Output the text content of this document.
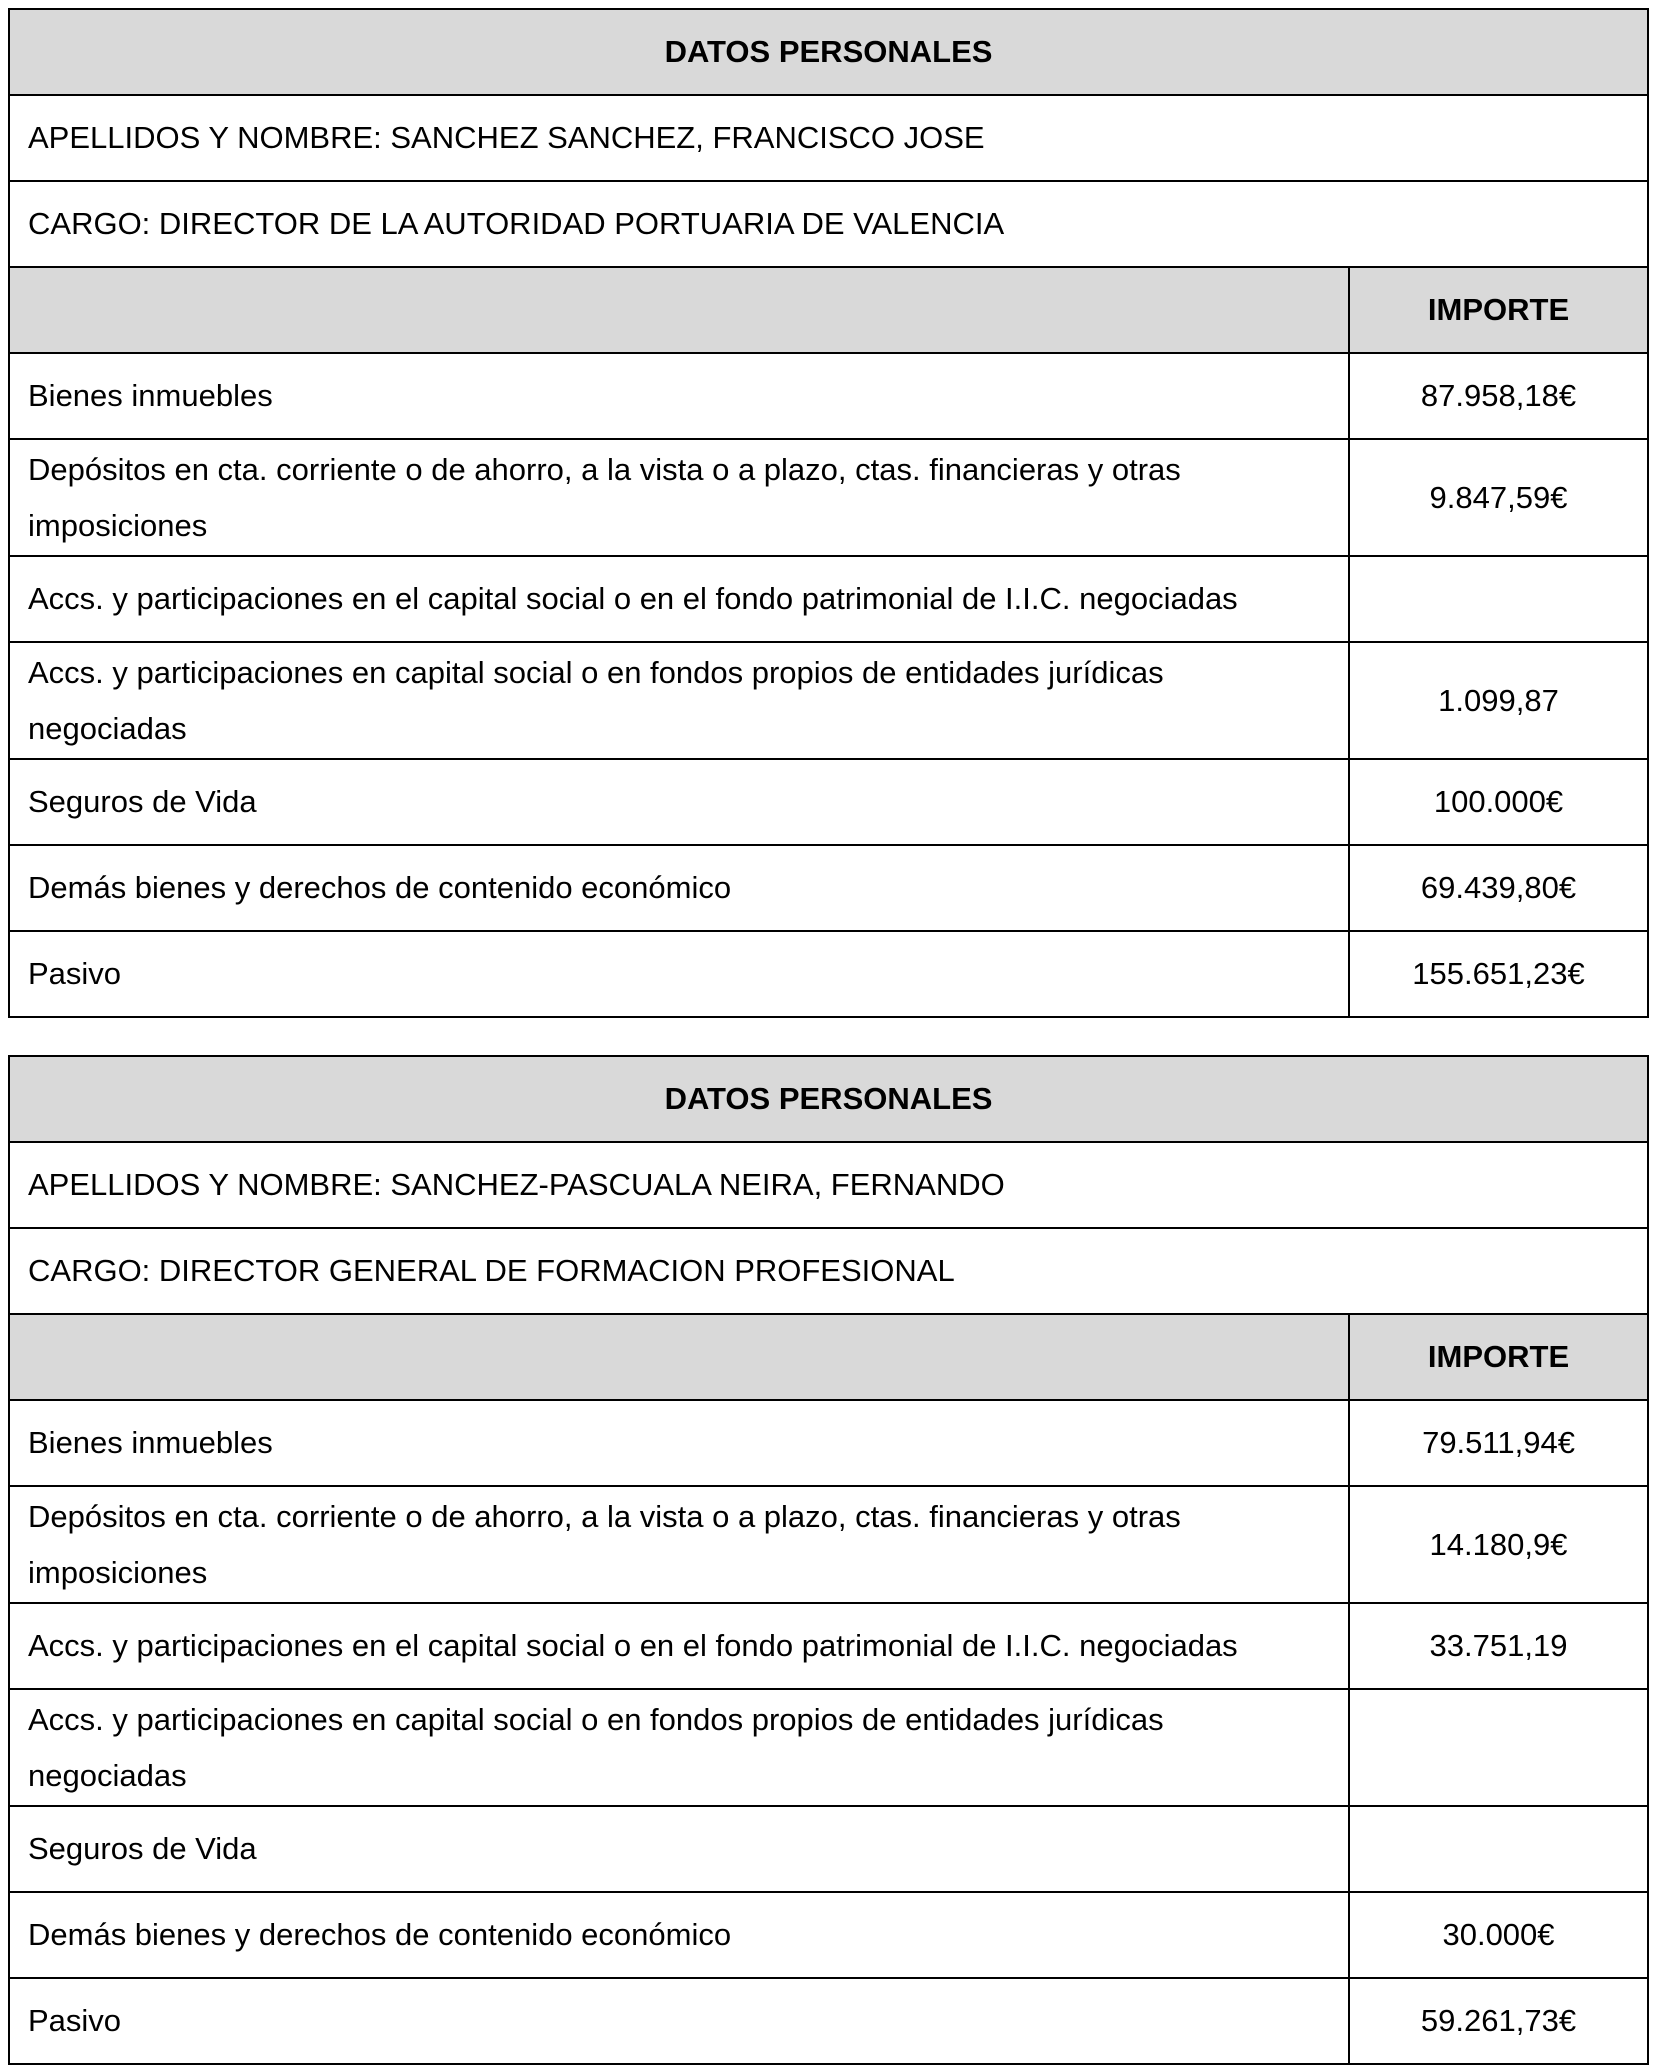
DATOS PERSONALES	
APELLIDOS Y NOMBRE: SANCHEZ SANCHEZ, FRANCISCO JOSE	
CARGO: DIRECTOR DE LA AUTORIDAD PORTUARIA DE VALENCIA	
	IMPORTE
Bienes inmuebles	87.958,18€
Depósitos en cta. corriente o de ahorro, a la vista o a plazo, ctas. financieras y otras imposiciones	9.847,59€
Accs. y participaciones en el capital social o en el fondo patrimonial de I.I.C. negociadas	
Accs. y participaciones en capital social o en fondos propios de entidades jurídicas negociadas	1.099,87
Seguros de Vida	100.000€
Demás bienes y derechos de contenido económico	69.439,80€
Pasivo	155.651,23€
DATOS PERSONALES	
APELLIDOS Y NOMBRE: SANCHEZ-PASCUALA NEIRA, FERNANDO	
CARGO: DIRECTOR GENERAL DE FORMACION PROFESIONAL	
	IMPORTE
Bienes inmuebles	79.511,94€
Depósitos en cta. corriente o de ahorro, a la vista o a plazo, ctas. financieras y otras imposiciones	14.180,9€
Accs. y participaciones en el capital social o en el fondo patrimonial de I.I.C. negociadas	33.751,19
Accs. y participaciones en capital social o en fondos propios de entidades jurídicas negociadas	
Seguros de Vida	
Demás bienes y derechos de contenido económico	30.000€
Pasivo	59.261,73€
